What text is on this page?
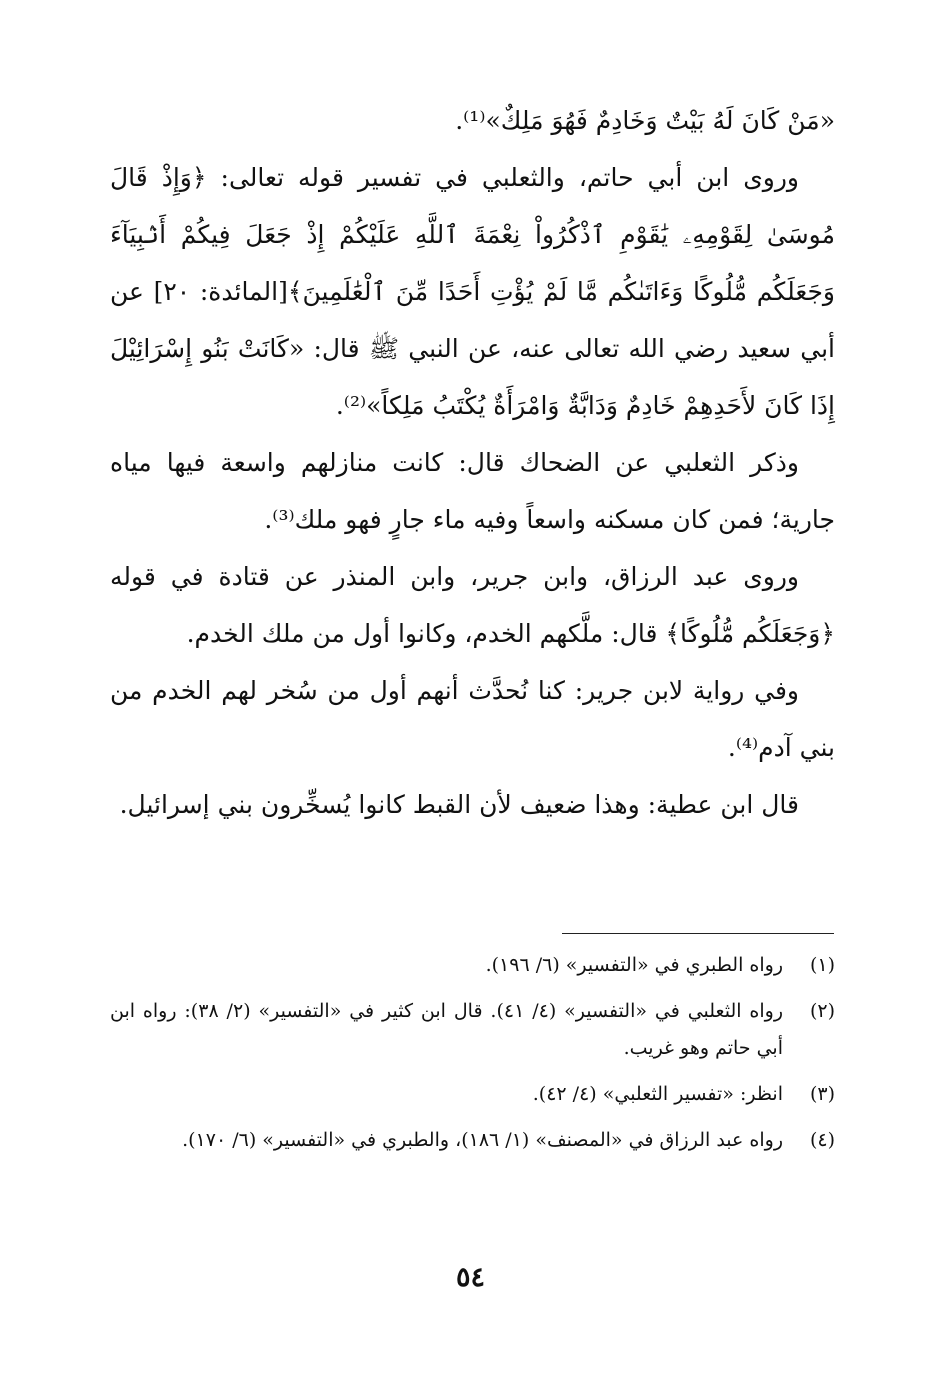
«مَنْ كَانَ لَهُ بَيْتٌ وَخَادِمٌ فَهُوَ مَلِكٌ»⁽¹⁾.

وروى ابن أبي حاتم، والثعلبي في تفسير قوله تعالى: ﴿وَإِذْ قَالَ مُوسَىٰ لِقَوْمِهِۦ يَٰقَوْمِ ٱذْكُرُواْ نِعْمَةَ ٱللَّهِ عَلَيْكُمْ إِذْ جَعَلَ فِيكُمْ أَنۢبِيَآءَ وَجَعَلَكُم مُّلُوكًا وَءَاتَىٰكُم مَّا لَمْ يُؤْتِ أَحَدًا مِّنَ ٱلْعَٰلَمِينَ﴾[المائدة: ٢٠] عن أبي سعيد رضي الله تعالى عنه، عن النبي ﷺ قال: «كَانَتْ بَنُو إِسْرَائِيْلَ إِذَا كَانَ لأَحَدِهِمْ خَادِمٌ وَدَابَّةٌ وَامْرَأَةٌ يُكْتَبُ مَلِكاً»⁽²⁾.

وذكر الثعلبي عن الضحاك قال: كانت منازلهم واسعة فيها مياه جارية؛ فمن كان مسكنه واسعاً وفيه ماء جارٍ فهو ملك⁽³⁾.

وروى عبد الرزاق، وابن جرير، وابن المنذر عن قتادة في قوله ﴿وَجَعَلَكُم مُّلُوكًا﴾ قال: ملَّكهم الخدم، وكانوا أول من ملك الخدم.

وفي رواية لابن جرير: كنا نُحدَّث أنهم أول من سُخر لهم الخدم من بني آدم⁽⁴⁾.

قال ابن عطية: وهذا ضعيف لأن القبط كانوا يُسخِّرون بني إسرائيل.

(١)
رواه الطبري في «التفسير» (٦/ ١٩٦).
(٢)
رواه الثعلبي في «التفسير» (٤/ ٤١). قال ابن كثير في «التفسير» (٢/ ٣٨): رواه ابن أبي حاتم وهو غريب.
(٣)
انظر: «تفسير الثعلبي» (٤/ ٤٢).
(٤)
رواه عبد الرزاق في «المصنف» (١/ ١٨٦)، والطبري في «التفسير» (٦/ ١٧٠).
٥٤
